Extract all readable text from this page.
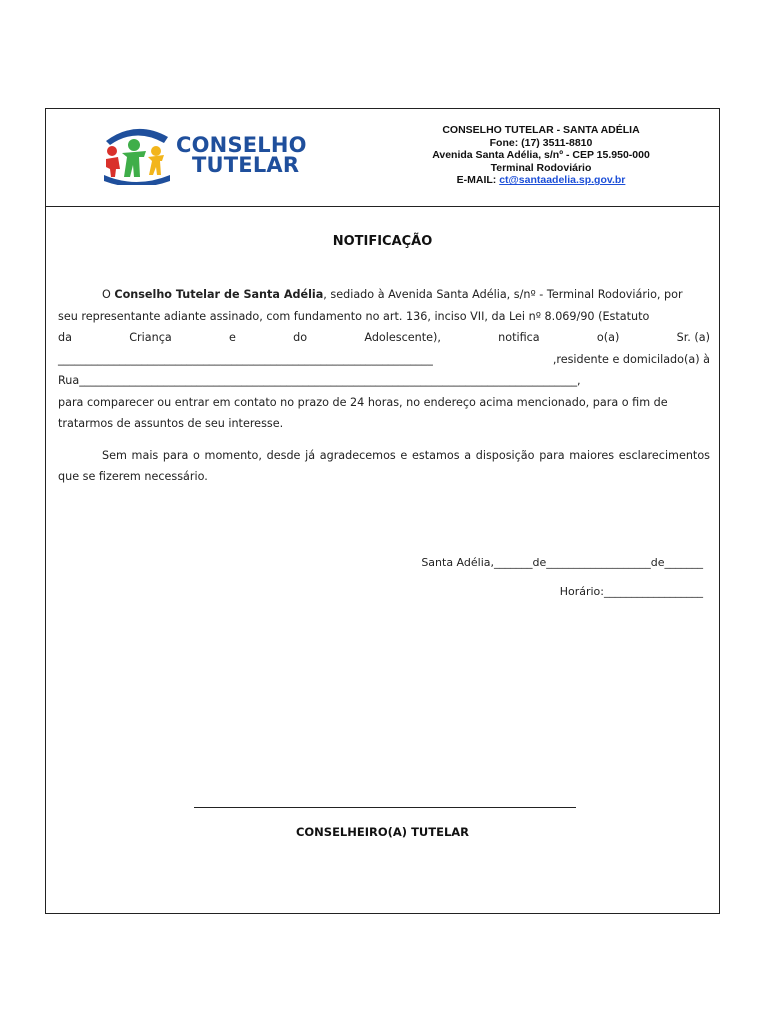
CONSELHO
TUTELAR
CONSELHO TUTELAR - SANTA ADÉLIA
Fone: (17) 3511-8810
Avenida Santa Adélia, s/nº - CEP 15.950-000
Terminal Rodoviário
E-MAIL: ct@santaadelia.sp.gov.br
NOTIFICAÇÃO
O Conselho Tutelar de Santa Adélia, sediado à Avenida Santa Adélia, s/nº - Terminal Rodoviário, por
seu representante adiante assinado, com fundamento no art. 136, inciso VII, da Lei nº 8.069/90 (Estatuto
da	Criança	e	do	Adolescente),	notifica	o(a)	Sr. (a)
___________________________________________________________________	,residente e domicilado(a) à
Rua_________________________________________________________________________________________,
para comparecer ou entrar em contato no prazo de 24 horas, no endereço acima mencionado, para o fim de
tratarmos de assuntos de seu interesse.

Sem mais para o momento, desde já agradecemos e estamos a disposição para maiores esclarecimentos que se fizerem necessário.

Santa Adélia,_______de___________________de_______
Horário:__________________
CONSELHEIRO(A) TUTELAR
